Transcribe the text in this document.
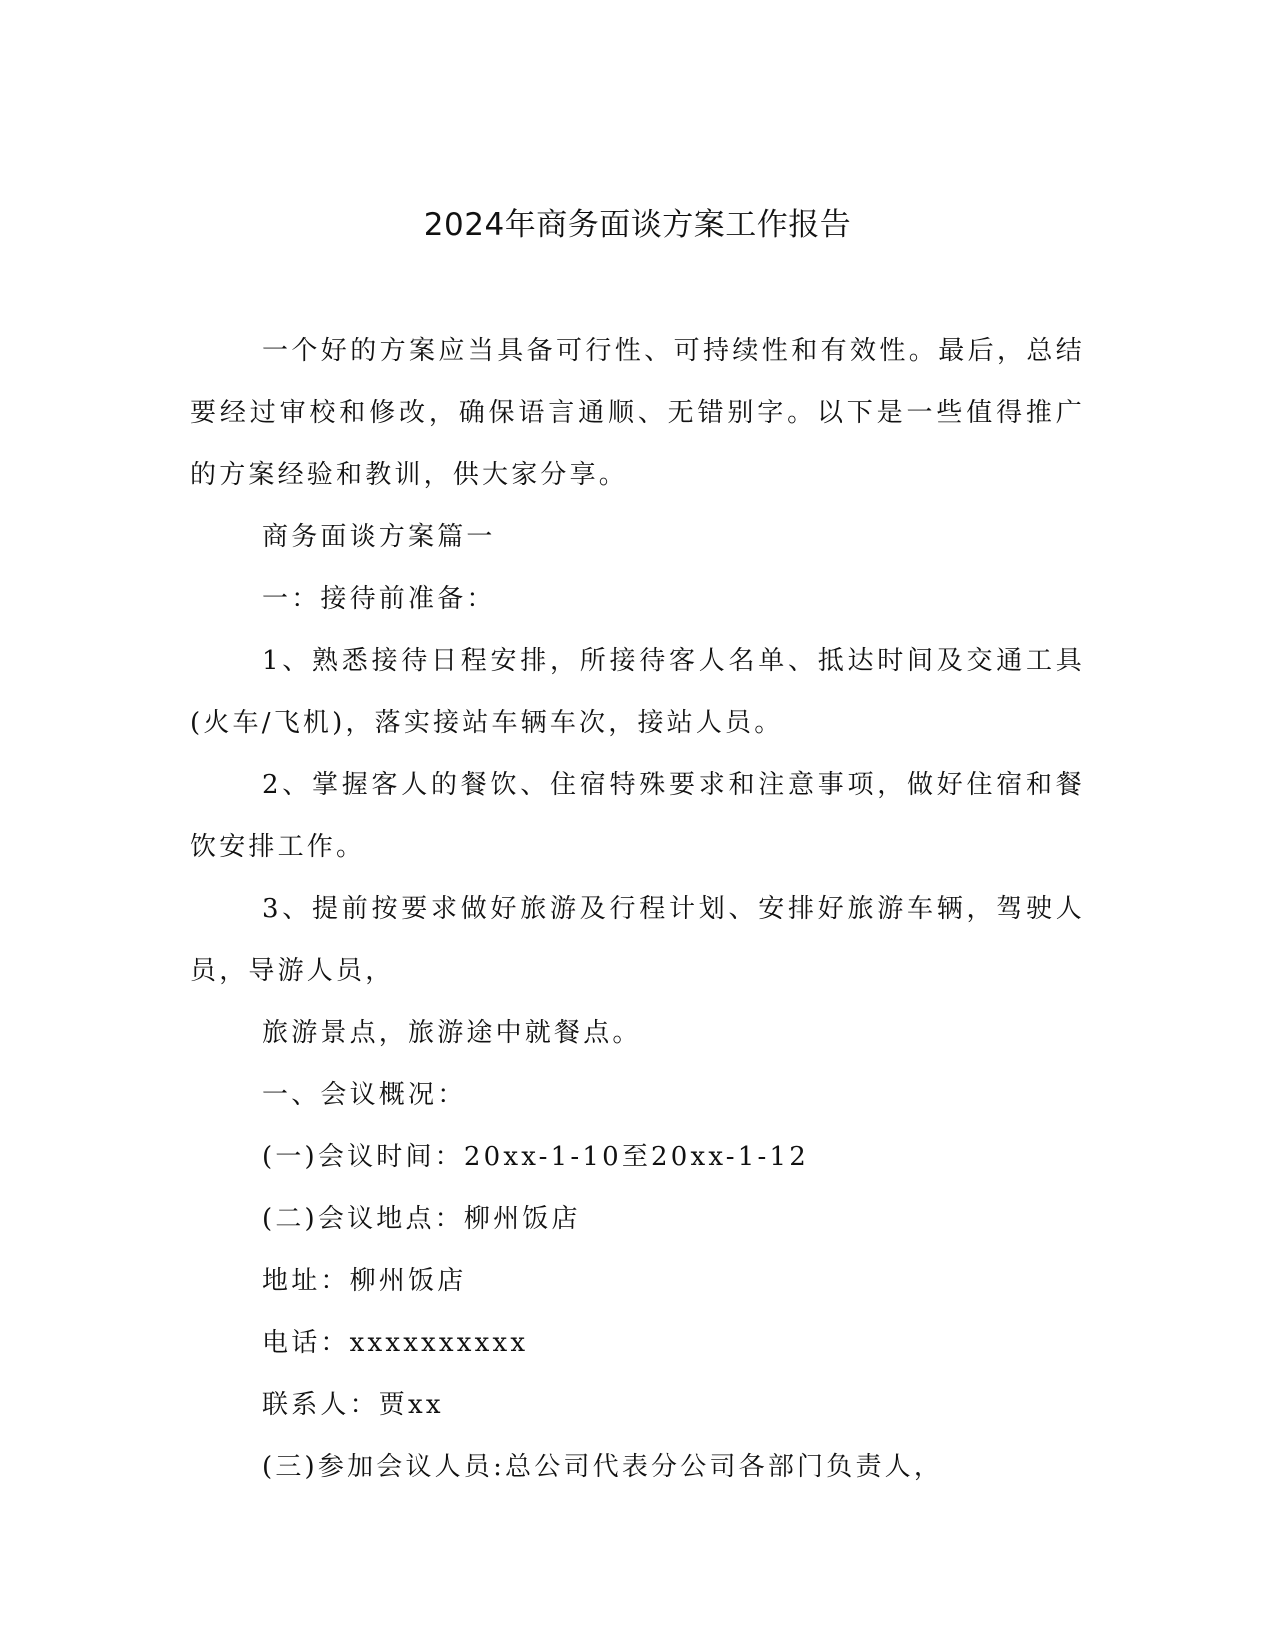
2024年商务面谈方案工作报告

一个好的方案应当具备可行性、可持续性和有效性。最后，总结要经过审校和修改，确保语言通顺、无错别字。以下是一些值得推广的方案经验和教训，供大家分享。

商务面谈方案篇一

一：接待前准备：

1、熟悉接待日程安排，所接待客人名单、抵达时间及交通工具(火车/飞机)，落实接站车辆车次，接站人员。

2、掌握客人的餐饮、住宿特殊要求和注意事项，做好住宿和餐饮安排工作。

3、提前按要求做好旅游及行程计划、安排好旅游车辆，驾驶人员，导游人员，

旅游景点，旅游途中就餐点。

一、会议概况：

(一)会议时间：20xx-1-10至20xx-1-12

(二)会议地点：柳州饭店

地址：柳州饭店

电话：xxxxxxxxxx

联系人：贾xx

(三)参加会议人员:总公司代表分公司各部门负责人，
